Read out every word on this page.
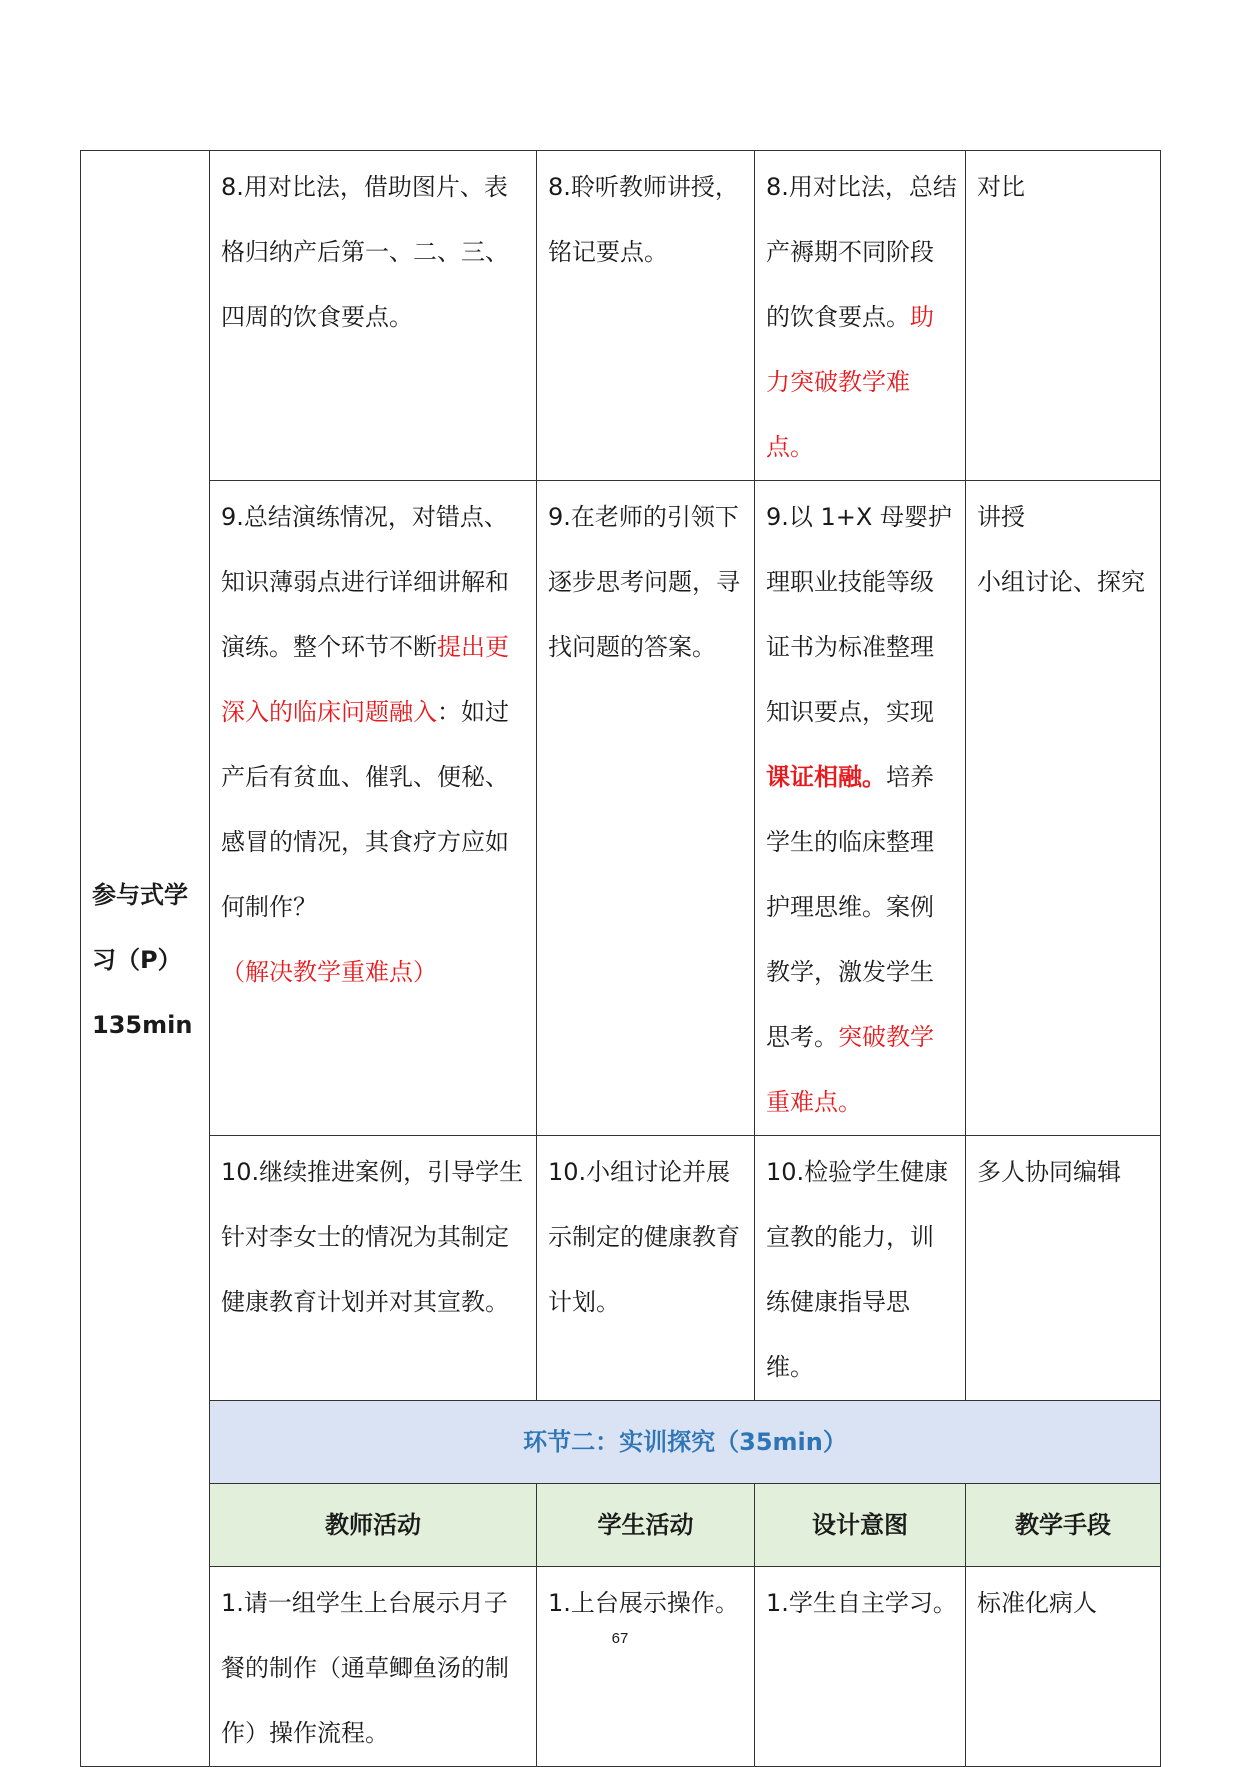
参与式学
习（P）
135min	8.用对比法，借助图片、表格归纳产后第一、二、三、四周的饮食要点。	8.聆听教师讲授，铭记要点。	8.用对比法，总结产褥期不同阶段的饮食要点。助力突破教学难点。	对比
	9.总结演练情况，对错点、知识薄弱点进行详细讲解和演练。整个环节不断提出更深入的临床问题融入：如过产后有贫血、催乳、便秘、感冒的情况，其食疗方应如何制作？（解决教学重难点）	9.在老师的引领下逐步思考问题，寻找问题的答案。	9.以 1+X 母婴护理职业技能等级证书为标准整理知识要点，实现课证相融。培养学生的临床整理护理思维。案例教学，激发学生思考。突破教学重难点。	讲授
小组讨论、探究
	10.继续推进案例，引导学生针对李女士的情况为其制定健康教育计划并对其宣教。	10.小组讨论并展示制定的健康教育计划。	10.检验学生健康宣教的能力，训练健康指导思维。	多人协同编辑
	环节二：实训探究（35min）			
	教师活动	学生活动	设计意图	教学手段
	1.请一组学生上台展示月子餐的制作（通草鲫鱼汤的制作）操作流程。	1.上台展示操作。	1.学生自主学习。	标准化病人
67
